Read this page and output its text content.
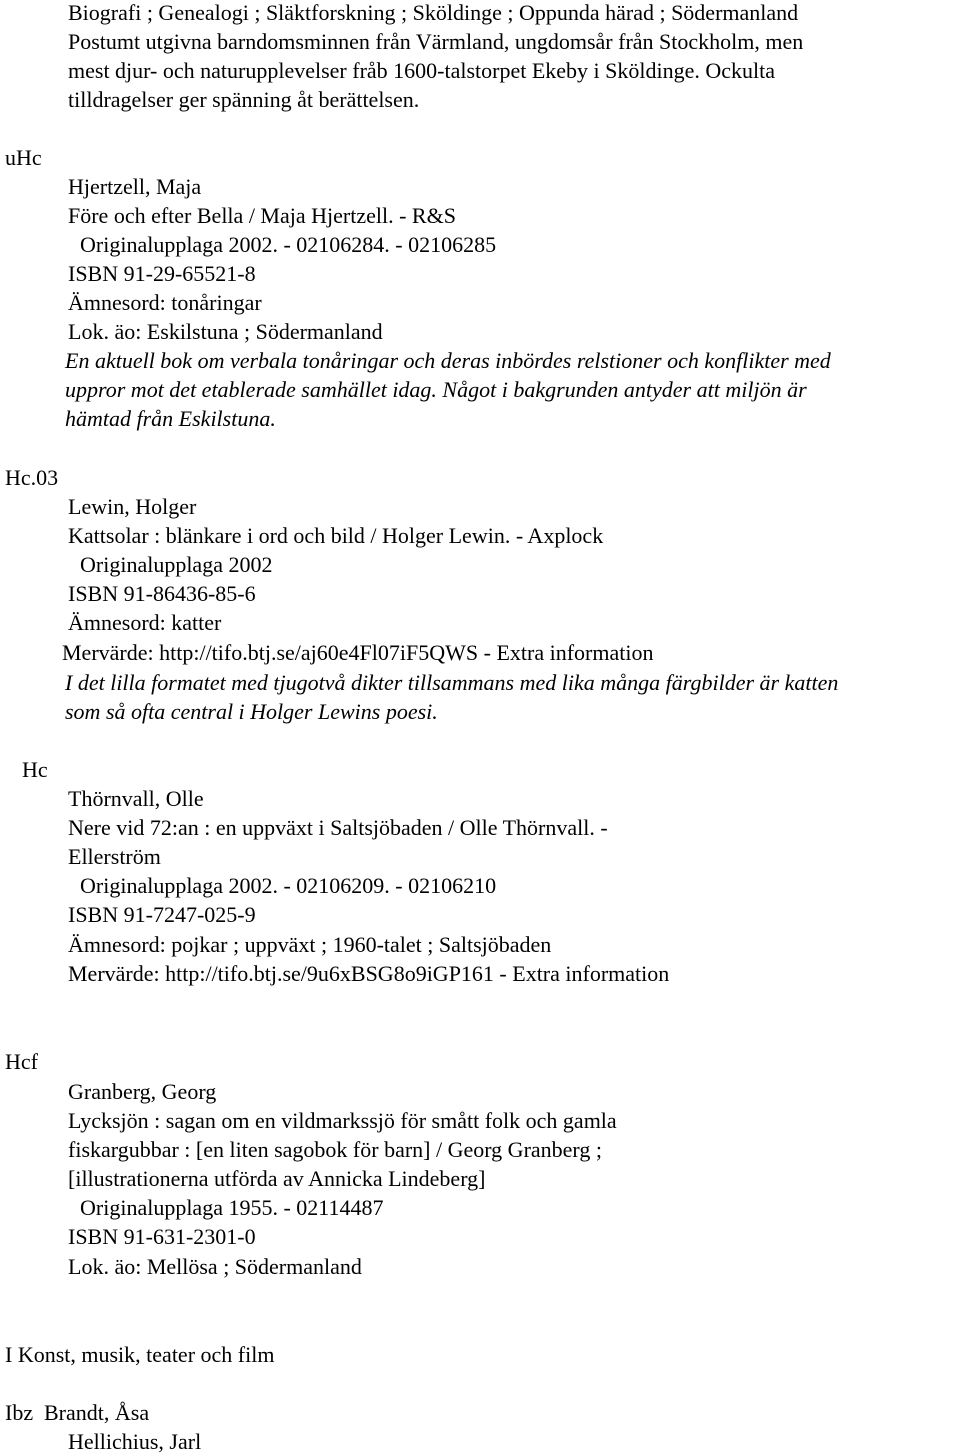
Biografi ; Genealogi ; Släktforskning ; Sköldinge ; Oppunda härad ; Södermanland
Postumt utgivna barndomsminnen från Värmland, ungdomsår från Stockholm, men
mest djur- och naturupplevelser fråb 1600-talstorpet Ekeby i Sköldinge. Ockulta
tilldragelser ger spänning åt berättelsen.
uHc
Hjertzell, Maja
Före och efter Bella / Maja Hjertzell. - R&S
Originalupplaga 2002. - 02106284. - 02106285
ISBN 91-29-65521-8
Ämnesord: tonåringar
Lok. äo: Eskilstuna ; Södermanland
En aktuell bok om verbala tonåringar och deras inbördes relstioner och konflikter med
uppror mot det etablerade samhället idag. Något i bakgrunden antyder att miljön är
hämtad från Eskilstuna.
Hc.03
Lewin, Holger
Kattsolar : blänkare i ord och bild / Holger Lewin. - Axplock
Originalupplaga 2002
ISBN 91-86436-85-6
Ämnesord: katter
Mervärde: http://tifo.btj.se/aj60e4Fl07iF5QWS - Extra information
I det lilla formatet med tjugotvå dikter tillsammans med lika många färgbilder är katten
som så ofta central i Holger Lewins poesi.
Hc
Thörnvall, Olle
Nere vid 72:an : en uppväxt i Saltsjöbaden / Olle Thörnvall. -
Ellerström
Originalupplaga 2002. - 02106209. - 02106210
ISBN 91-7247-025-9
Ämnesord: pojkar ; uppväxt ; 1960-talet ; Saltsjöbaden
Mervärde: http://tifo.btj.se/9u6xBSG8o9iGP161 - Extra information
Hcf
Granberg, Georg
Lycksjön : sagan om en vildmarkssjö för smått folk och gamla
fiskargubbar : [en liten sagobok för barn] / Georg Granberg ;
[illustrationerna utförda av Annicka Lindeberg]
Originalupplaga 1955. - 02114487
ISBN 91-631-2301-0
Lok. äo: Mellösa ; Södermanland
I Konst, musik, teater och film
Ibz Brandt, Åsa
Hellichius, Jarl
